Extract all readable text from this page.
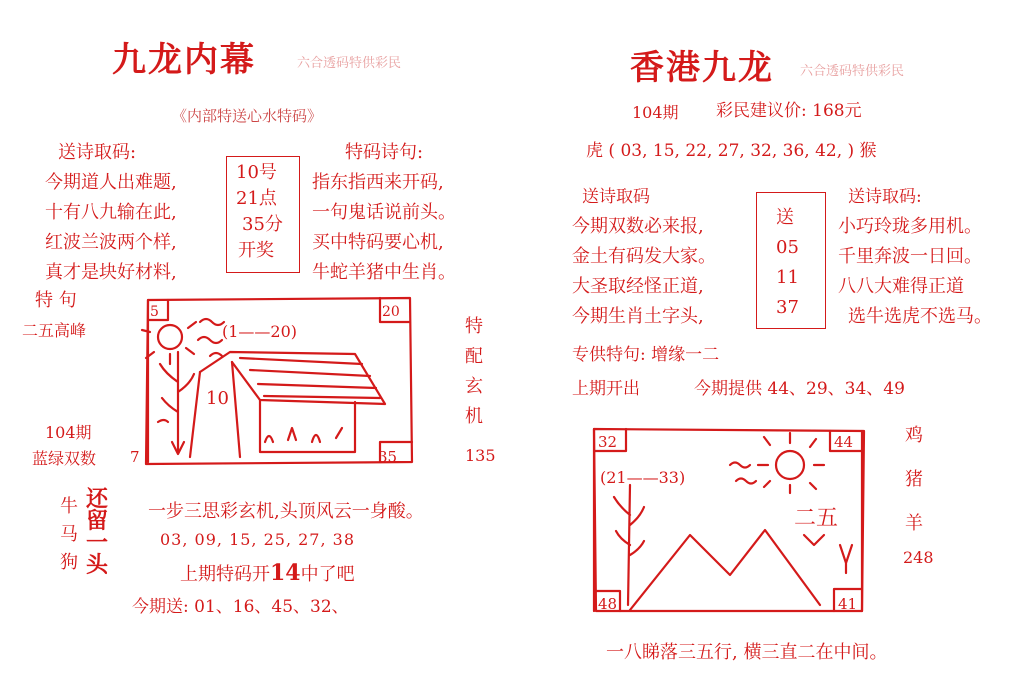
九龙内幕	六合透码特供彩民
《内部特送心水特码》
送诗取码:	特码诗句:
今期道人出难题,
十有八九输在此,
红波兰波两个样,
真才是块好材料,
10号
21点
35分
开奖
指东指西来开码,
一句鬼话说前头。
买中特码要心机,
牛蛇羊猪中生肖。
特 句
二五高峰	特
配
玄
机
135
104期
蓝绿双数
(1——20)
5	20
7	35
10
牛
马
狗
还
留
一
头
一步三思彩玄机,头顶风云一身酸。
03, 09, 15, 25, 27, 38
上期特码开14中了吧
今期送: 01、16、45、32、
香港九龙 六合透码特供彩民
104期 彩民建议价: 168元
虎 ( 03, 15, 22, 27, 32, 36, 42, ) 猴
送诗取码	送诗取码:
今期双数必来报,
金土有码发大家。
大圣取经怪正道,
今期生肖土字头,
送
05
11
37
小巧玲珑多用机。
千里奔波一日回。
八八大难得正道
选牛选虎不选马。
专供特句: 增缘一二
上期开出	今期提供 44、29、34、49
鸡
猪
羊
248
32	44
48	41
(21——33)
二五
一八睇落三五行, 横三直二在中间。
